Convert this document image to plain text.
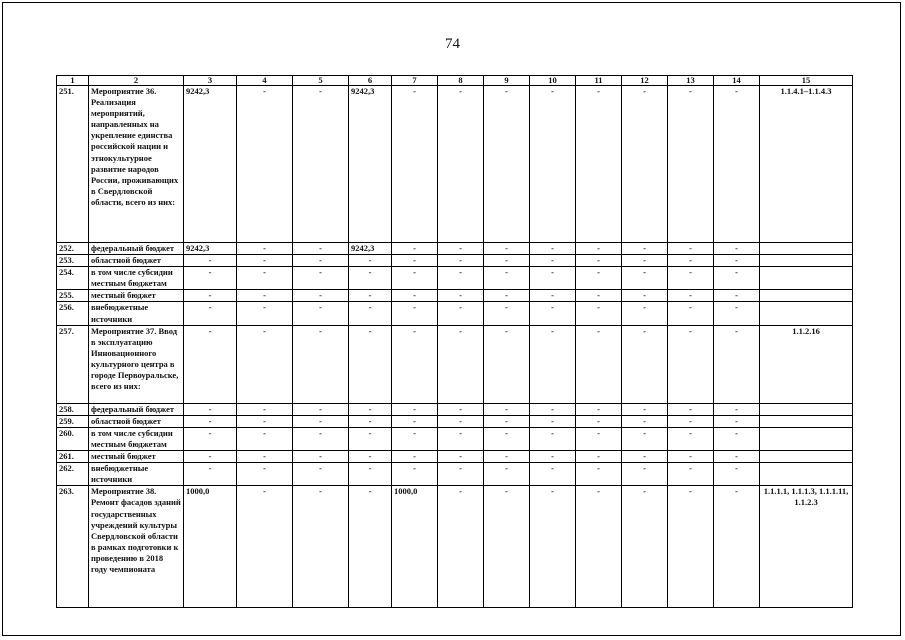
74
1	2	3	4	5	6	7	8	9	10	11	12	13	14	15
251.	Мероприятие 36. Реализация мероприятий, направленных на укрепление единства российской нации и этнокультурное развитие народов России, проживающих в Свердловской области, всего из них:	9242,3	-	-	9242,3	-	-	-	-	-	-	-	-	1.1.4.1–1.1.4.3
252.	федеральный бюджет	9242,3	-	-	9242,3	-	-	-	-	-	-	-	-	
253.	областной бюджет	-	-	-	-	-	-	-	-	-	-	-	-	
254.	в том числе субсидии местным бюджетам	-	-	-	-	-	-	-	-	-	-	-	-	
255.	местный бюджет	-	-	-	-	-	-	-	-	-	-	-	-	
256.	внебюджетные источники	-	-	-	-	-	-	-	-	-	-	-	-	
257.	Мероприятие 37. Ввод в эксплуатацию Инновационного культурного центра в городе Первоуральске, всего из них:	-	-	-	-	-	-	-	-	-	-	-	-	1.1.2.16
258.	федеральный бюджет	-	-	-	-	-	-	-	-	-	-	-	-	
259.	областной бюджет	-	-	-	-	-	-	-	-	-	-	-	-	
260.	в том числе субсидии местным бюджетам	-	-	-	-	-	-	-	-	-	-	-	-	
261.	местный бюджет	-	-	-	-	-	-	-	-	-	-	-	-	
262.	внебюджетные источники	-	-	-	-	-	-	-	-	-	-	-	-	
263.	Мероприятие 38. Ремонт фасадов зданий государственных учреждений культуры Свердловской области в рамках подготовки к проведению в 2018 году чемпионата	1000,0	-	-	-	1000,0	-	-	-	-	-	-	-	1.1.1.1, 1.1.1.3, 1.1.1.11, 1.1.2.3
